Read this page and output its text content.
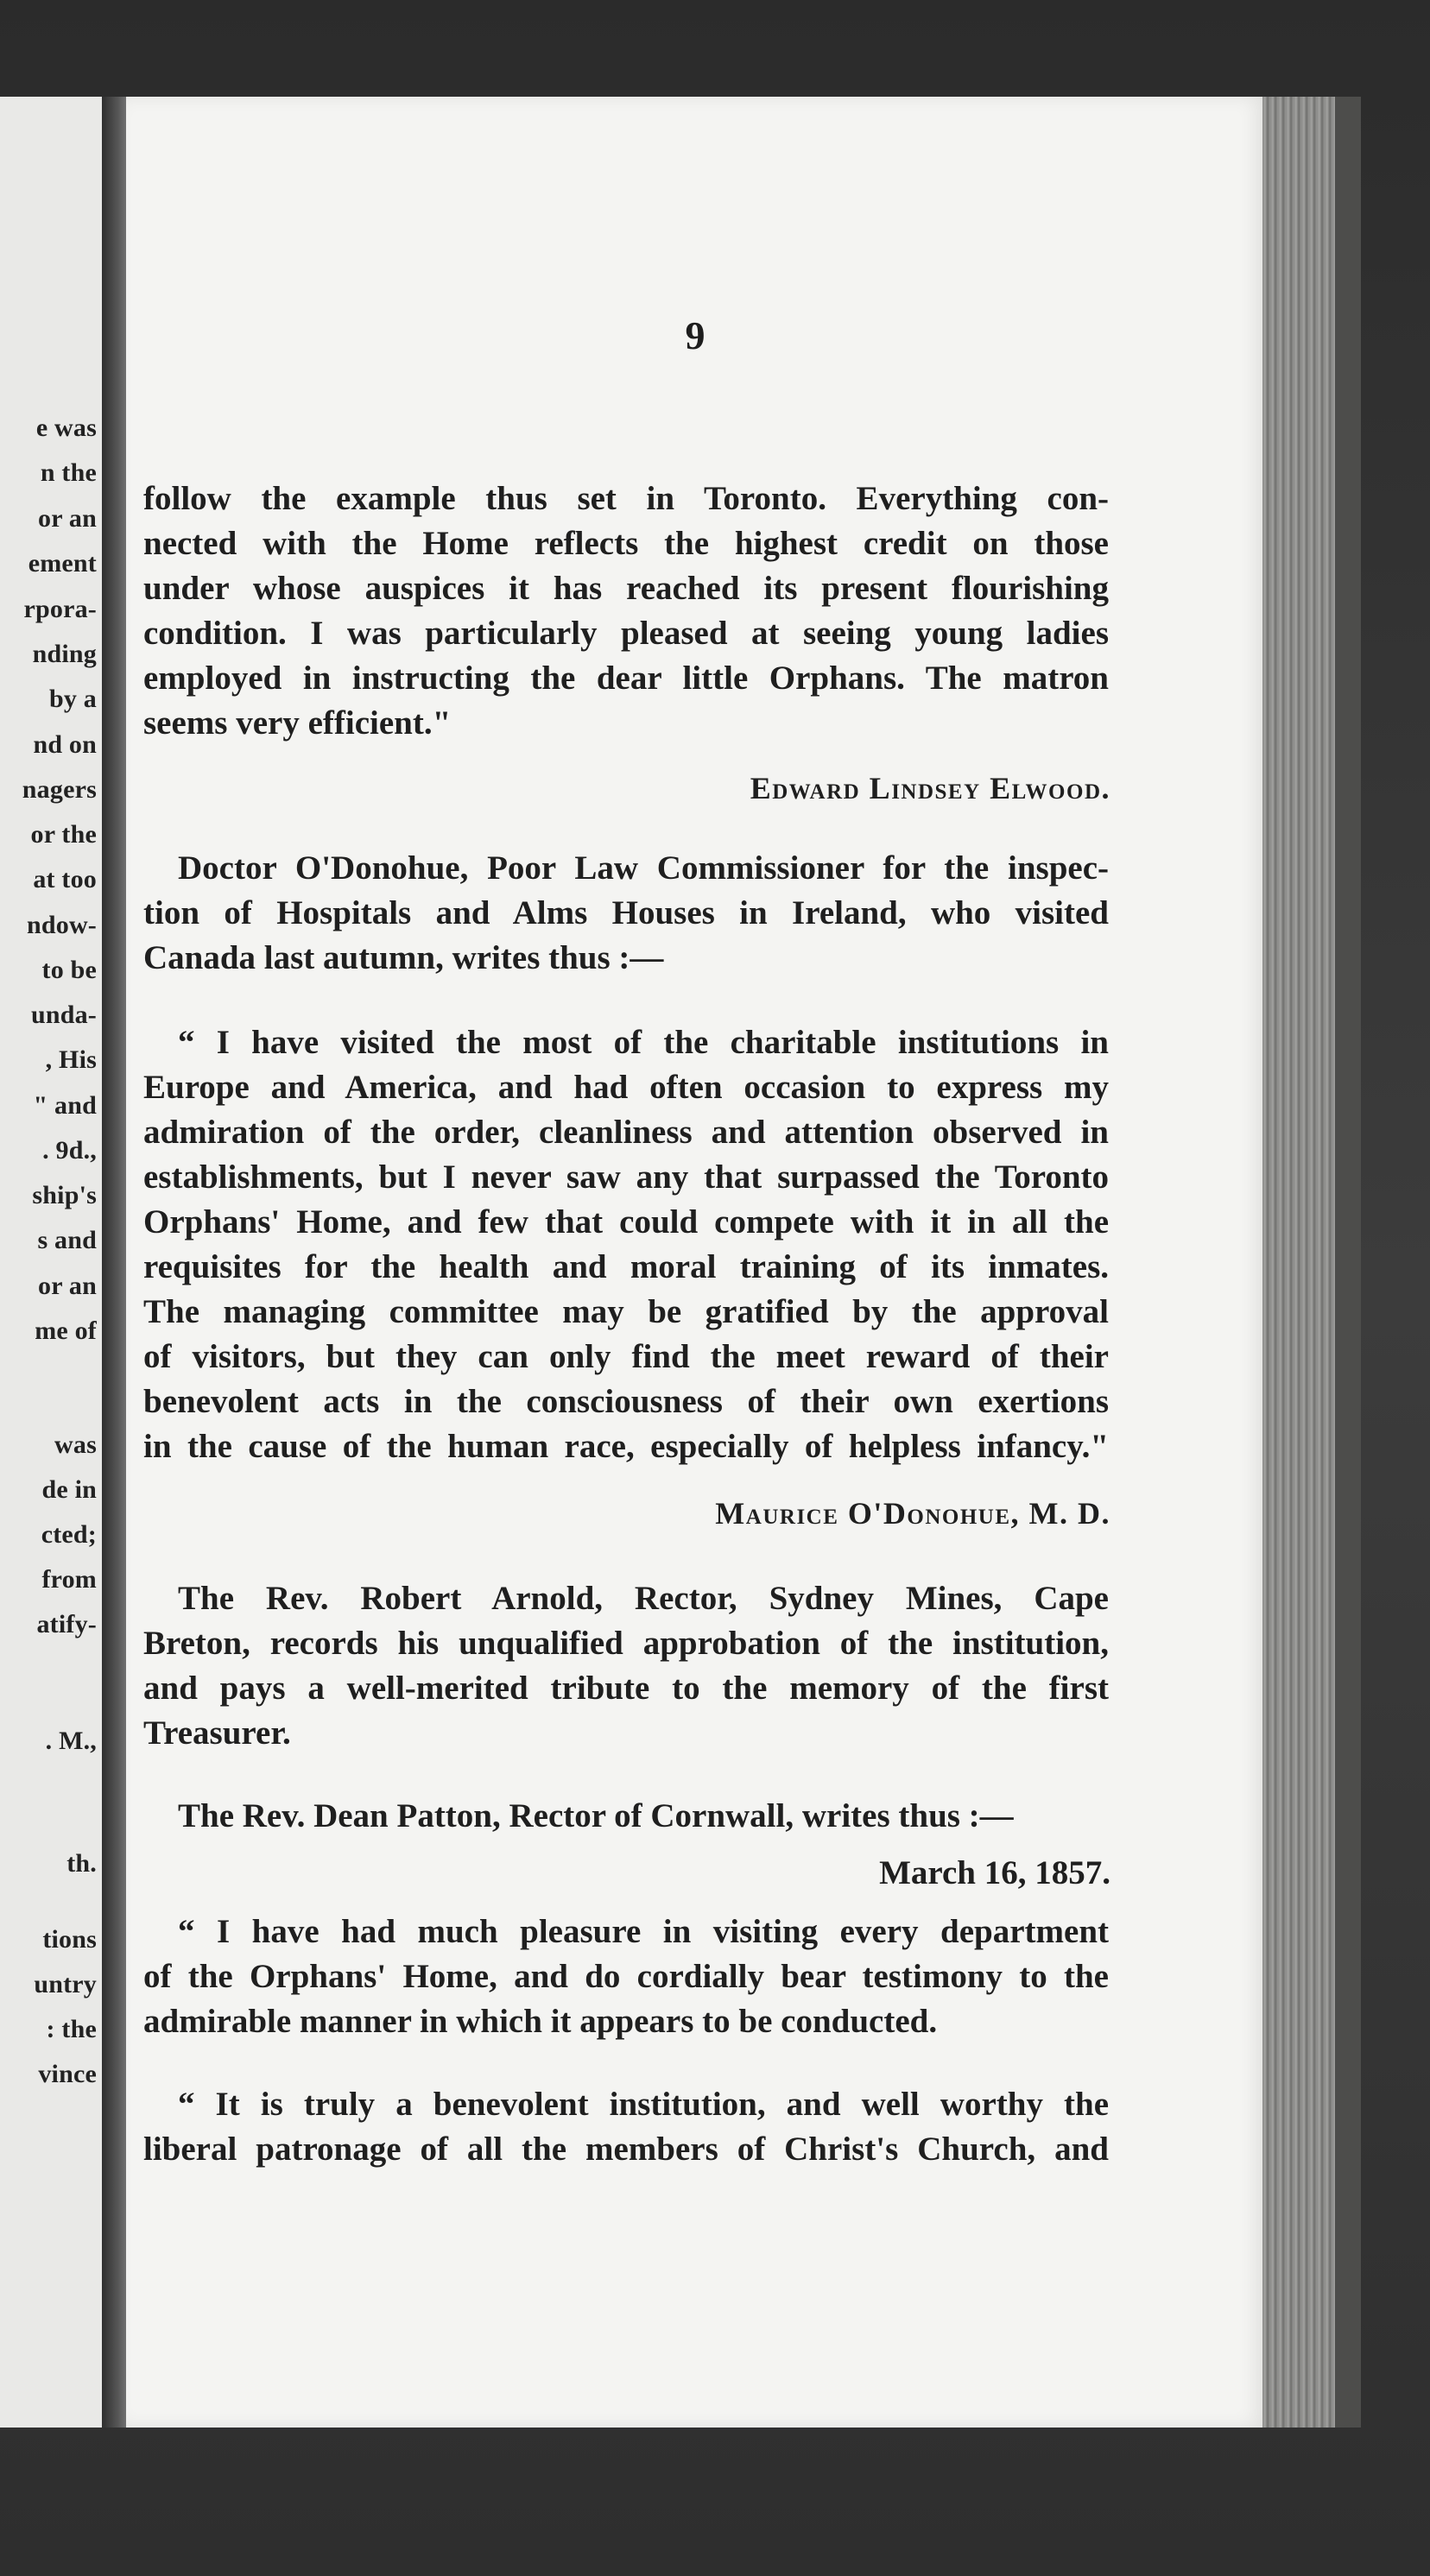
e was
n the
or an
ement
rpora-
nding
by a
nd on
nagers
or the
at too
ndow-
to be
unda-
, His
" and
. 9d.,
ship's
s and
or an
me of
was
de in
cted;
from
atify-
. M.,
th.
tions
untry
: the
vince

9

follow the example thus set in Toronto. Everything con-
nected with the Home reflects the highest credit on those
under whose auspices it has reached its present flourishing
condition. I was particularly pleased at seeing young ladies
employed in instructing the dear little Orphans. The matron
seems very efficient."

Edward Lindsey Elwood.

Doctor O'Donohue, Poor Law Commissioner for the inspec-
tion of Hospitals and Alms Houses in Ireland, who visited
Canada last autumn, writes thus :—
“ I have visited the most of the charitable institutions in
Europe and America, and had often occasion to express my
admiration of the order, cleanliness and attention observed in
establishments, but I never saw any that surpassed the Toronto
Orphans' Home, and few that could compete with it in all the
requisites for the health and moral training of its inmates.
The managing committee may be gratified by the approval
of visitors, but they can only find the meet reward of their
benevolent acts in the consciousness of their own exertions
in the cause of the human race, especially of helpless infancy."

Maurice O'Donohue, M. D.

The Rev. Robert Arnold, Rector, Sydney Mines, Cape
Breton, records his unqualified approbation of the institution,
and pays a well-merited tribute to the memory of the first
Treasurer.
The Rev. Dean Patton, Rector of Cornwall, writes thus :—

March 16, 1857.

“ I have had much pleasure in visiting every department
of the Orphans' Home, and do cordially bear testimony to the
admirable manner in which it appears to be conducted.
“ It is truly a benevolent institution, and well worthy the
liberal patronage of all the members of Christ's Church, and
